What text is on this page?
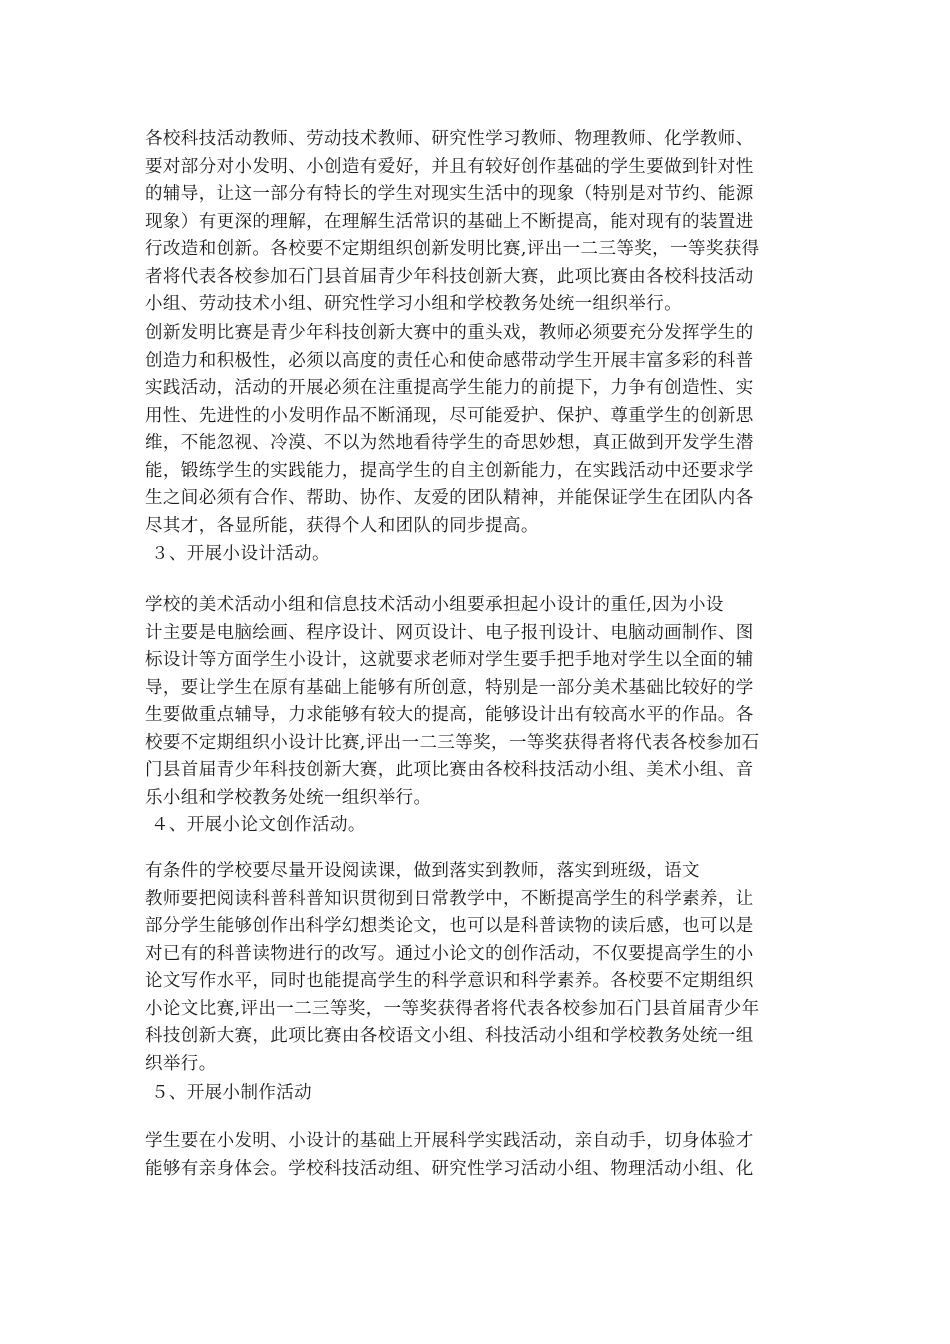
各校科技活动教师、劳动技术教师、研究性学习教师、物理教师、化学教师、
要对部分对小发明、小创造有爱好，并且有较好创作基础的学生要做到针对性
的辅导，让这一部分有特长的学生对现实生活中的现象（特别是对节约、能源
现象）有更深的理解，在理解生活常识的基础上不断提高，能对现有的装置进
行改造和创新。各校要不定期组织创新发明比赛,评出一二三等奖，一等奖获得
者将代表各校参加石门县首届青少年科技创新大赛，此项比赛由各校科技活动
小组、劳动技术小组、研究性学习小组和学校教务处统一组织举行。

创新发明比赛是青少年科技创新大赛中的重头戏，教师必须要充分发挥学生的
创造力和积极性，必须以高度的责任心和使命感带动学生开展丰富多彩的科普
实践活动，活动的开展必须在注重提高学生能力的前提下，力争有创造性、实
用性、先进性的小发明作品不断涌现，尽可能爱护、保护、尊重学生的创新思
维，不能忽视、冷漠、不以为然地看待学生的奇思妙想，真正做到开发学生潜
能，锻练学生的实践能力，提高学生的自主创新能力，在实践活动中还要求学
生之间必须有合作、帮助、协作、友爱的团队精神，并能保证学生在团队内各
尽其才，各显所能，获得个人和团队的同步提高。

３、开展小设计活动。

学校的美术活动小组和信息技术活动小组要承担起小设计的重任,因为小设
计主要是电脑绘画、程序设计、网页设计、电子报刊设计、电脑动画制作、图
标设计等方面学生小设计，这就要求老师对学生要手把手地对学生以全面的辅
导，要让学生在原有基础上能够有所创意，特别是一部分美术基础比较好的学
生要做重点辅导，力求能够有较大的提高，能够设计出有较高水平的作品。各
校要不定期组织小设计比赛,评出一二三等奖，一等奖获得者将代表各校参加石
门县首届青少年科技创新大赛，此项比赛由各校科技活动小组、美术小组、音
乐小组和学校教务处统一组织举行。

４、开展小论文创作活动。

有条件的学校要尽量开设阅读课，做到落实到教师，落实到班级，语文
教师要把阅读科普科普知识贯彻到日常教学中，不断提高学生的科学素养，让
部分学生能够创作出科学幻想类论文，也可以是科普读物的读后感，也可以是
对已有的科普读物进行的改写。通过小论文的创作活动，不仅要提高学生的小
论文写作水平，同时也能提高学生的科学意识和科学素养。各校要不定期组织
小论文比赛,评出一二三等奖，一等奖获得者将代表各校参加石门县首届青少年
科技创新大赛，此项比赛由各校语文小组、科技活动小组和学校教务处统一组
织举行。

５、开展小制作活动

学生要在小发明、小设计的基础上开展科学实践活动，亲自动手，切身体验才
能够有亲身体会。学校科技活动组、研究性学习活动小组、物理活动小组、化
